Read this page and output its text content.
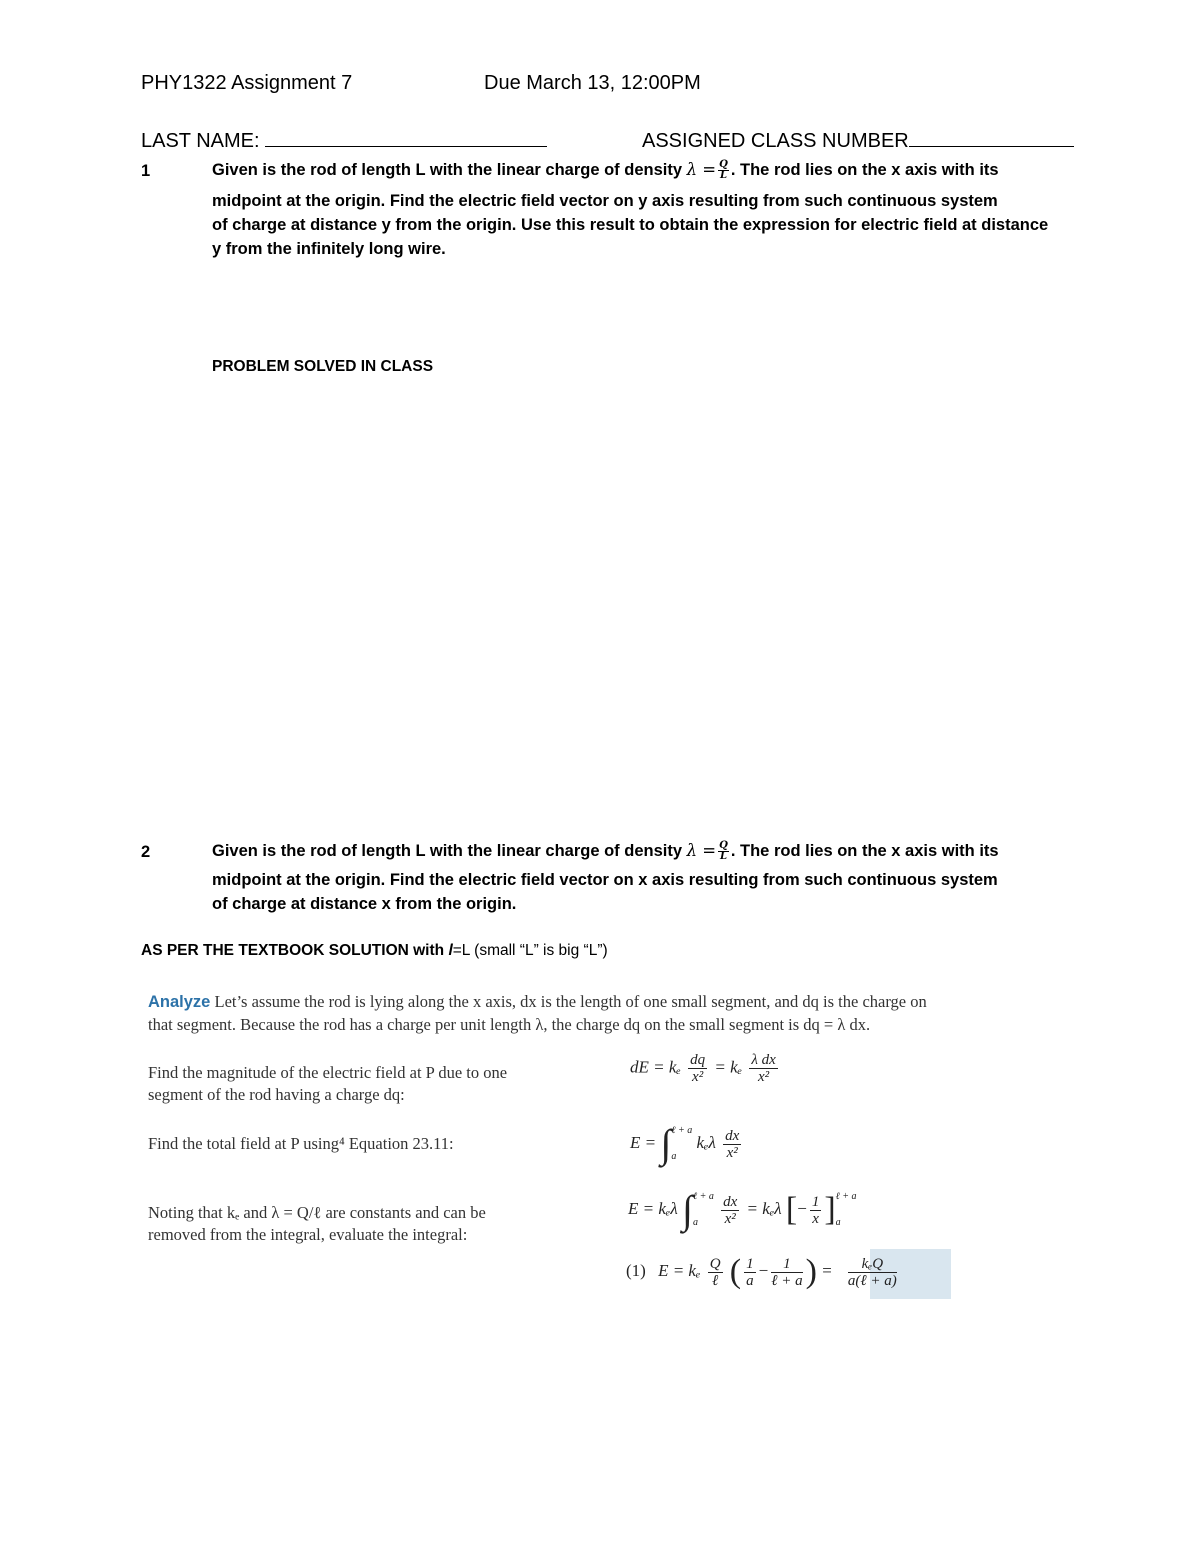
PHY1322 Assignment 7	Due March 13, 12:00PM
LAST NAME:	ASSIGNED CLASS NUMBER
1	Given is the rod of length L with the linear charge of density $\lambda = \frac{Q}{L}$ . The rod lies on the x axis with its
midpoint at the origin. Find the electric field vector on y axis resulting from such continuous system
of charge at distance y from the origin. Use this result to obtain the expression for electric field at distance
y from the infinitely long wire.
PROBLEM SOLVED IN CLASS
2	Given is the rod of length L with the linear charge of density $\lambda = \frac{Q}{L}$ . The rod lies on the x axis with its
midpoint at the origin. Find the electric field vector on x axis resulting from such continuous system
of charge at distance x from the origin.
AS PER THE TEXTBOOK SOLUTION with l=L (small “L” is big “L”)
Analyze Let’s assume the rod is lying along the x axis, dx is the length of one small segment, and dq is the charge on
that segment. Because the rod has a charge per unit length λ, the charge dq on the small segment is dq = λ dx.
Find the magnitude of the electric field at P due to one
segment of the rod having a charge dq:
Find the total field at P using⁴ Equation 23.11:
Noting that kₑ and λ = Q/ℓ are constants and can be
removed from the integral, evaluate the integral:
dE = kₑ $\frac{dq}{\text{x²}} = k_e \frac{\text{λ dx}}{\text{x²}}$
E = ∫ ℓ + a
a
kₑλ $\frac{dx}{\text{x²}}$
E = kₑλ ∫ ℓ + a
a
	$\frac{dx}{\text{x²}} = k_e\lambda$ [− $\frac{1}{x}$ ] ℓ + a
a
(1) E = kₑ Q
ℓ ( $\frac{1}{a} - 1$
ℓ + a ) =	kₑQ
a(ℓ + a)
